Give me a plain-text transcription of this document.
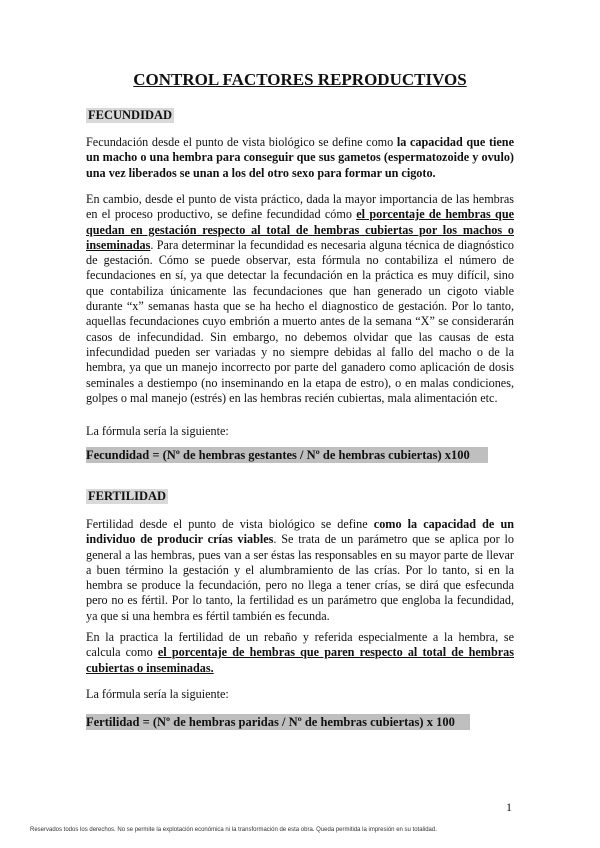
CONTROL FACTORES REPRODUCTIVOS
FECUNDIDAD

Fecundación desde el punto de vista biológico se define como la capacidad que tiene un macho o una hembra para conseguir que sus gametos (espermatozoide y ovulo) una vez liberados se unan a los del otro sexo para formar un cigoto.

En cambio, desde el punto de vista práctico, dada la mayor importancia de las hembras en el proceso productivo, se define fecundidad cómo el porcentaje de hembras que quedan en gestación respecto al total de hembras cubiertas por los machos o inseminadas. Para determinar la fecundidad es necesaria alguna técnica de diagnóstico de gestación. Cómo se puede observar, esta fórmula no contabiliza el número de fecundaciones en sí, ya que detectar la fecundación en la práctica es muy difícil, sino que contabiliza únicamente las fecundaciones que han generado un cigoto viable durante “x” semanas hasta que se ha hecho el diagnostico de gestación. Por lo tanto, aquellas fecundaciones cuyo embrión a muerto antes de la semana “X” se considerarán casos de infecundidad. Sin embargo, no debemos olvidar que las causas de esta infecundidad pueden ser variadas y no siempre debidas al fallo del macho o de la hembra, ya que un manejo incorrecto por parte del ganadero como aplicación de dosis seminales a destiempo (no inseminando en la etapa de estro), o en malas condiciones, golpes o mal manejo (estrés) en las hembras recién cubiertas, mala alimentación etc.

La fórmula sería la siguiente:

Fecundidad = (Nº de hembras gestantes / Nº de hembras cubiertas) x100
FERTILIDAD

Fertilidad desde el punto de vista biológico se define como la capacidad de un individuo de producir crías viables. Se trata de un parámetro que se aplica por lo general a las hembras, pues van a ser éstas las responsables en su mayor parte de llevar a buen término la gestación y el alumbramiento de las crías. Por lo tanto, si en la hembra se produce la fecundación, pero no llega a tener crías, se dirá que esfecunda pero no es fértil. Por lo tanto, la fertilidad es un parámetro que engloba la fecundidad, ya que si una hembra es fértil también es fecunda.

En la practica la fertilidad de un rebaño y referida especialmente a la hembra, se calcula como el porcentaje de hembras que paren respecto al total de hembras cubiertas o inseminadas.

La fórmula sería la siguiente:

Fertilidad = (Nº de hembras paridas / Nº de hembras cubiertas) x 100
1
Reservados todos los derechos. No se permite la explotación económica ni la transformación de esta obra. Queda permitida la impresión en su totalidad.
